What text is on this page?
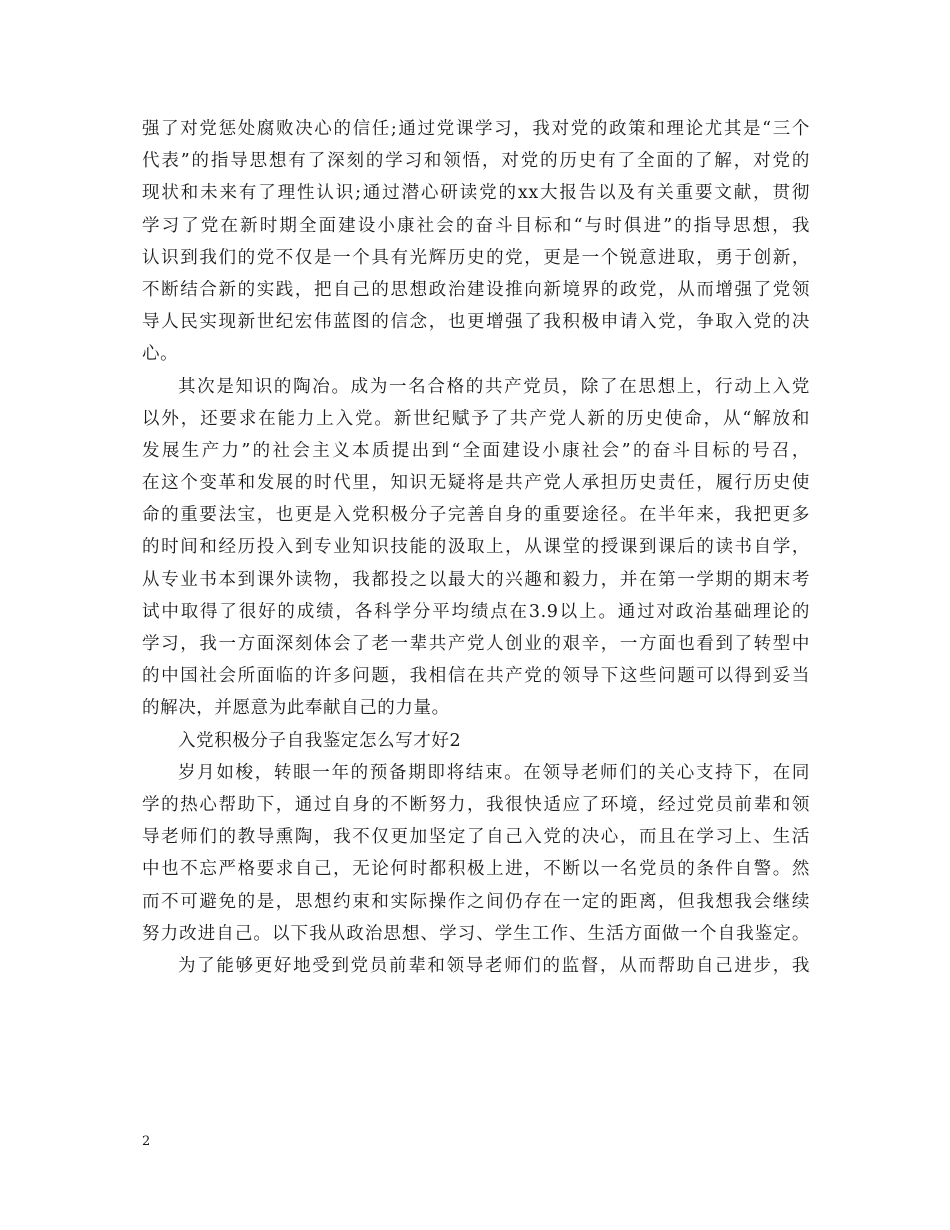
强了对党惩处腐败决心的信任;通过党课学习，我对党的政策和理论尤其是“三个
代表”的指导思想有了深刻的学习和领悟，对党的历史有了全面的了解，对党的
现状和未来有了理性认识;通过潜心研读党的xx大报告以及有关重要文献，贯彻
学习了党在新时期全面建设小康社会的奋斗目标和“与时俱进”的指导思想，我
认识到我们的党不仅是一个具有光辉历史的党，更是一个锐意进取，勇于创新，
不断结合新的实践，把自己的思想政治建设推向新境界的政党，从而增强了党领
导人民实现新世纪宏伟蓝图的信念，也更增强了我积极申请入党，争取入党的决
心。
其次是知识的陶冶。成为一名合格的共产党员，除了在思想上，行动上入党
以外，还要求在能力上入党。新世纪赋予了共产党人新的历史使命，从“解放和
发展生产力”的社会主义本质提出到“全面建设小康社会”的奋斗目标的号召，
在这个变革和发展的时代里，知识无疑将是共产党人承担历史责任，履行历史使
命的重要法宝，也更是入党积极分子完善自身的重要途径。在半年来，我把更多
的时间和经历投入到专业知识技能的汲取上，从课堂的授课到课后的读书自学，
从专业书本到课外读物，我都投之以最大的兴趣和毅力，并在第一学期的期末考
试中取得了很好的成绩，各科学分平均绩点在3.9以上。通过对政治基础理论的
学习，我一方面深刻体会了老一辈共产党人创业的艰辛，一方面也看到了转型中
的中国社会所面临的许多问题，我相信在共产党的领导下这些问题可以得到妥当
的解决，并愿意为此奉献自己的力量。
入党积极分子自我鉴定怎么写才好2
岁月如梭，转眼一年的预备期即将结束。在领导老师们的关心支持下，在同
学的热心帮助下，通过自身的不断努力，我很快适应了环境，经过党员前辈和领
导老师们的教导熏陶，我不仅更加坚定了自己入党的决心，而且在学习上、生活
中也不忘严格要求自己，无论何时都积极上进，不断以一名党员的条件自警。然
而不可避免的是，思想约束和实际操作之间仍存在一定的距离，但我想我会继续
努力改进自己。以下我从政治思想、学习、学生工作、生活方面做一个自我鉴定。
为了能够更好地受到党员前辈和领导老师们的监督，从而帮助自己进步，我
2
